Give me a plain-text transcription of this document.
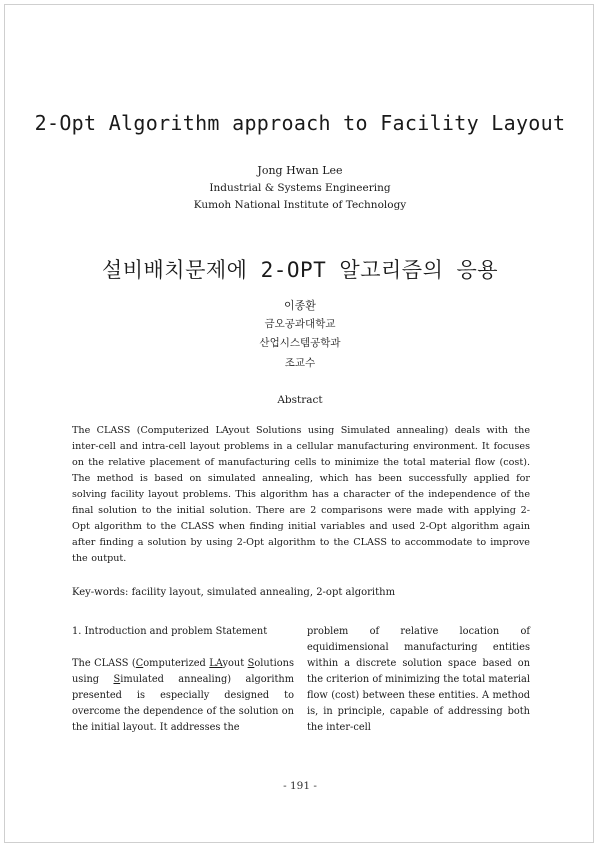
2-Opt Algorithm approach to Facility Layout

Jong Hwan Lee

Industrial & Systems Engineering

Kumoh National Institute of Technology

설비배치문제에 2-OPT 알고리즘의 응용

이종환

금오공과대학교

산업시스템공학과

조교수

Abstract

The CLASS (Computerized LAyout Solutions using Simulated annealing) deals with the inter-cell and intra-cell layout problems in a cellular manufacturing environment. It focuses on the relative placement of manufacturing cells to minimize the total material flow (cost). The method is based on simulated annealing, which has been successfully applied for solving facility layout problems. This algorithm has a character of the independence of the final solution to the initial solution. There are 2 comparisons were made with applying 2-Opt algorithm to the CLASS when finding initial variables and used 2-Opt algorithm again after finding a solution by using 2-Opt algorithm to the CLASS to accommodate to improve the output.

Key-words: facility layout, simulated annealing, 2-opt algorithm

1. Introduction and problem Statement

The CLASS (Computerized LAyout Solutions using Simulated annealing) algorithm presented is especially designed to overcome the dependence of the solution on the initial layout. It addresses the

problem of relative location of equidimensional manufacturing entities within a discrete solution space based on the criterion of minimizing the total material flow (cost) between these entities. A method is, in principle, capable of addressing both the inter-cell

- 191 -
